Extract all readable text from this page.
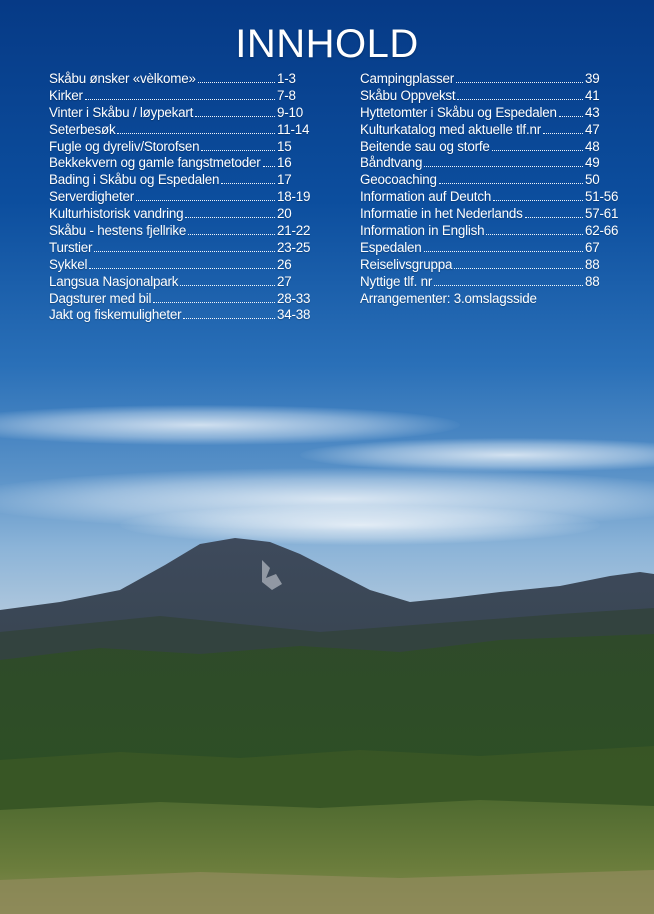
INNHOLD
Skåbu ønsker «vèlkome»	1-3
Kirker	7-8
Vinter i Skåbu / løypekart	9-10
Seterbesøk	11-14
Fugle og dyreliv/Storofsen	15
Bekkekvern og gamle fangstmetoder 16
Bading i Skåbu og Espedalen	17
Serverdigheter	18-19
Kulturhistorisk vandring	20
Skåbu - hestens fjellrike	21-22
Turstier	23-25
Sykkel	26
Langsua Nasjonalpark	27
Dagsturer med bil	28-33
Jakt og fiskemuligheter	34-38
Campingplasser	39
Skåbu Oppvekst	41
Hyttetomter i Skåbu og Espedalen 43
Kulturkatalog med aktuelle tlf.nr	47
Beitende sau og storfe	48
Båndtvang	49
Geocoaching	50
Information auf Deutch	51-56
Informatie in het Nederlands	57-61
Information in English	62-66
Espedalen	67
Reiselivsgruppa	88
Nyttige tlf. nr	88
Arrangementer: 3.omslagsside
